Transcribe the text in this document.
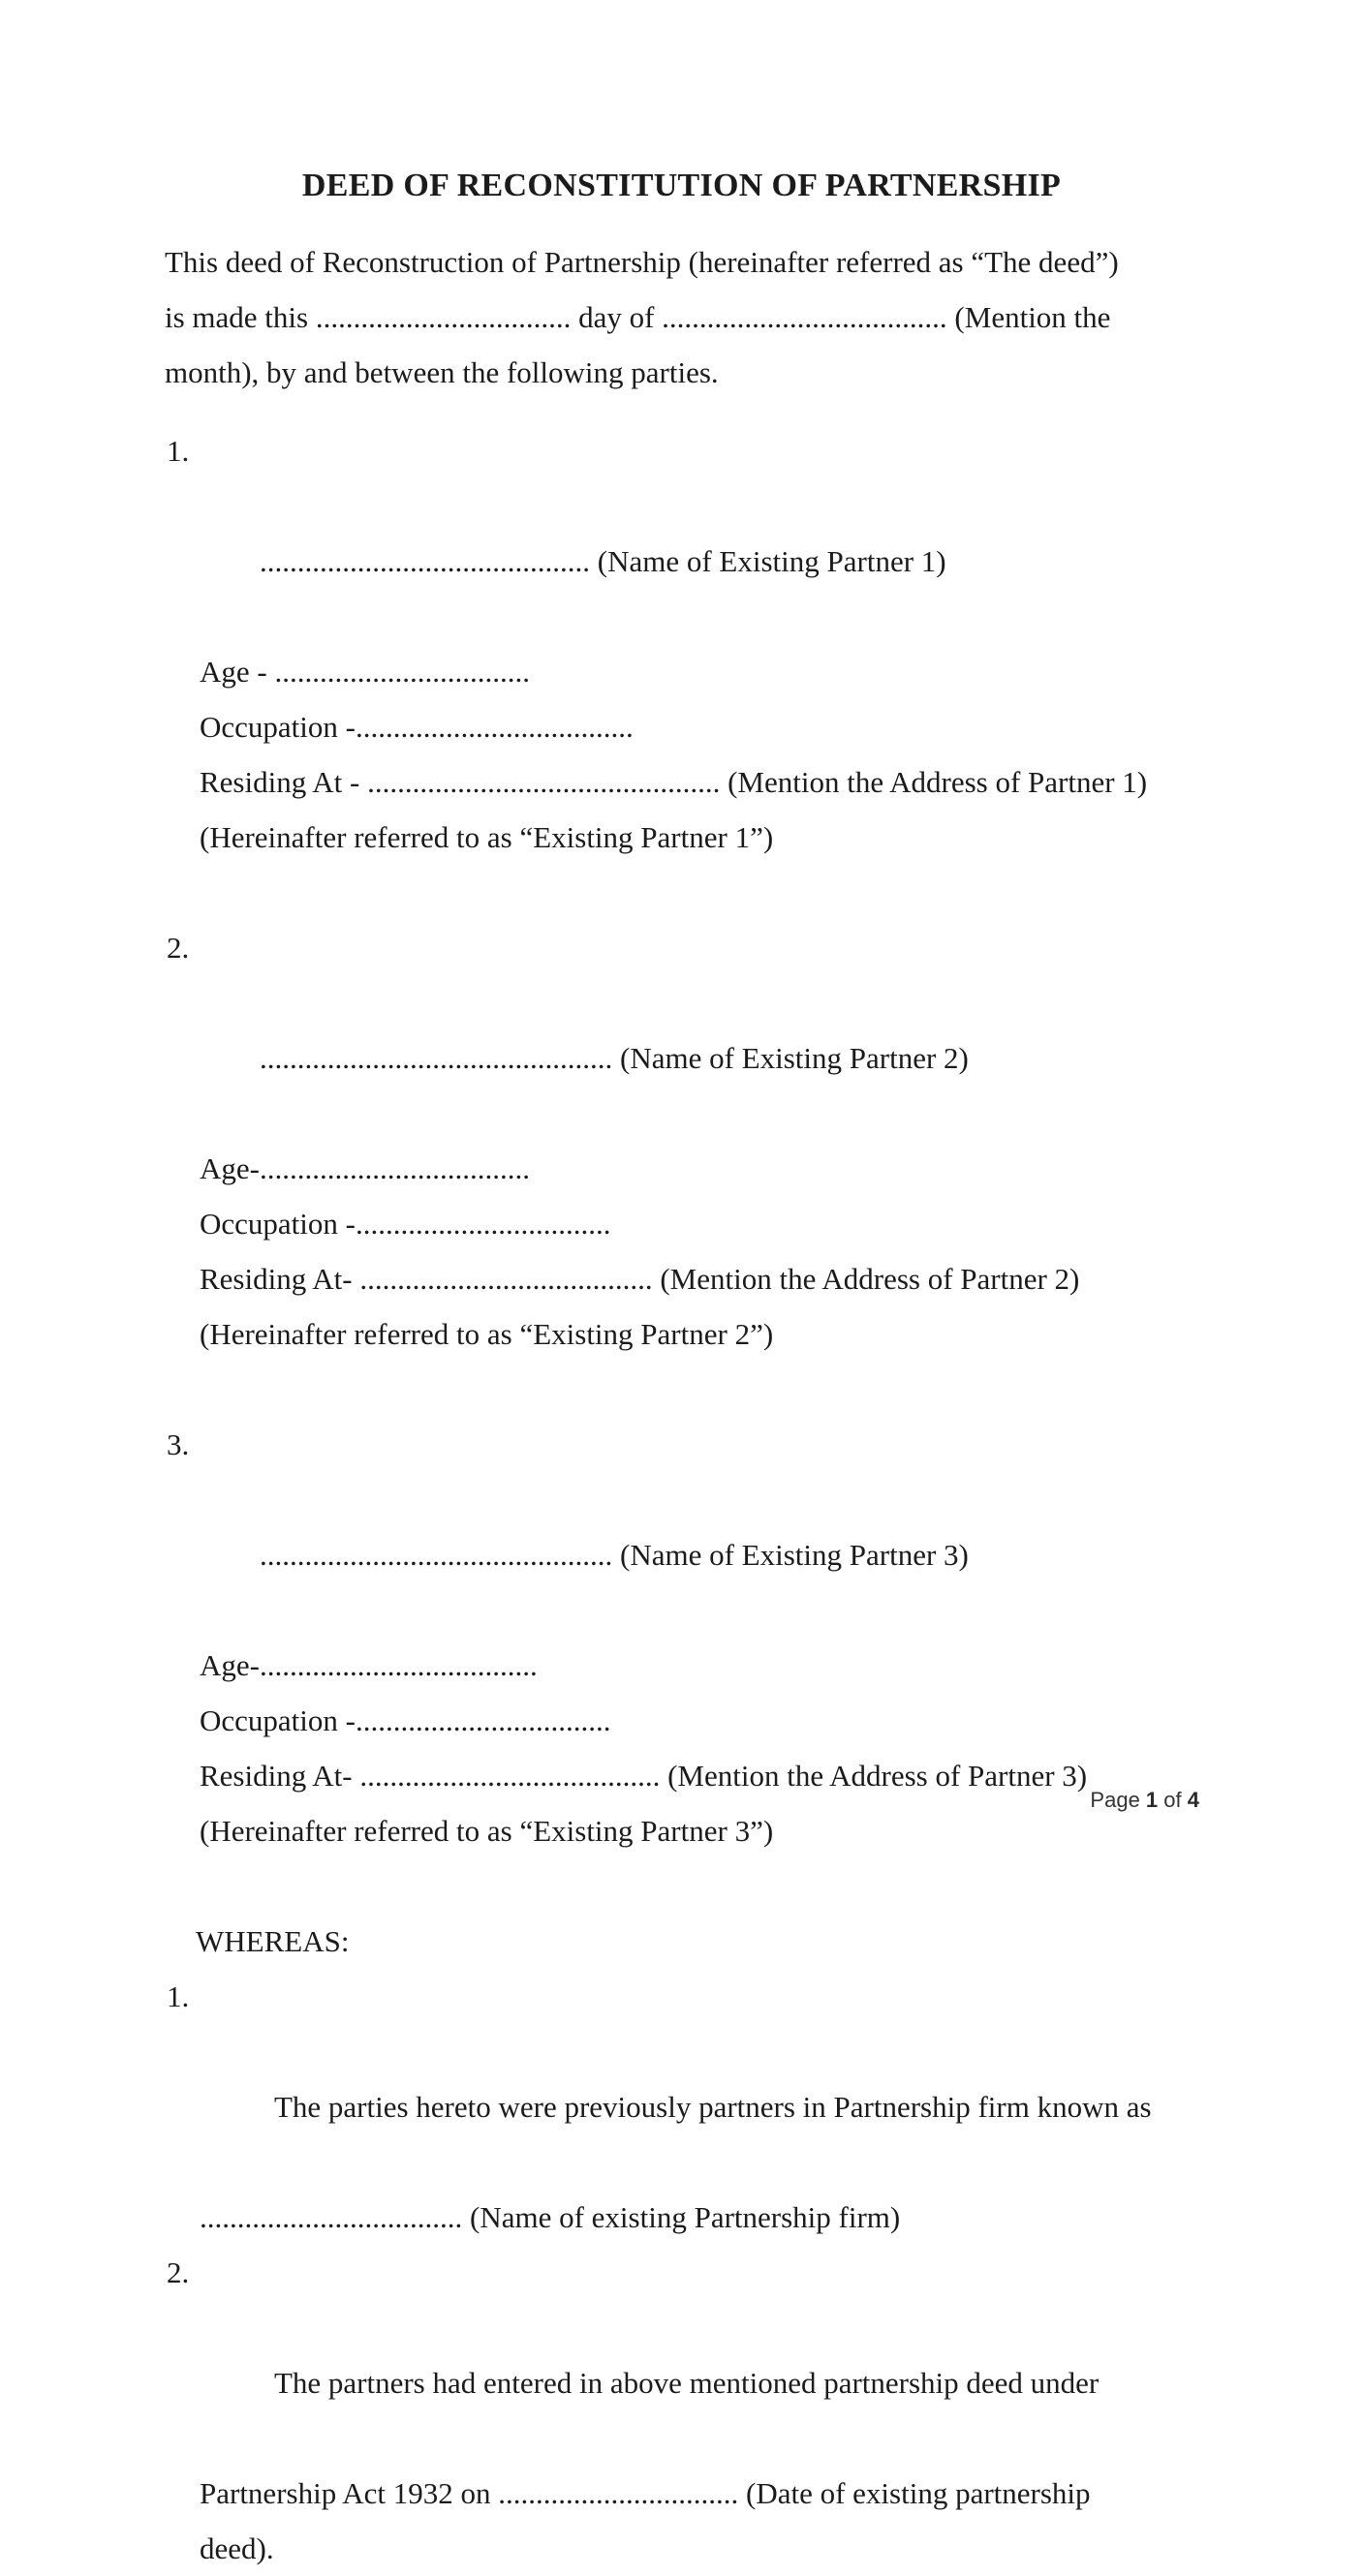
DEED OF RECONSTITUTION OF PARTNERSHIP
This deed of Reconstruction of Partnership (hereinafter referred as “The deed”)
is made this .................................. day of ...................................... (Mention the
month), by and between the following parties.

1.

............................................ (Name of Existing Partner 1)

Age - ..................................
Occupation -.....................................
Residing At - ............................................... (Mention the Address of Partner 1)
(Hereinafter referred to as “Existing Partner 1”)

2.

............................................... (Name of Existing Partner 2)

Age-....................................
Occupation -..................................
Residing At- ....................................... (Mention the Address of Partner 2)
(Hereinafter referred to as “Existing Partner 2”)

3.

............................................... (Name of Existing Partner 3)

Age-.....................................
Occupation -..................................
Residing At- ........................................ (Mention the Address of Partner 3)
(Hereinafter referred to as “Existing Partner 3”)
WHEREAS:

1.

The parties hereto were previously partners in Partnership firm known as

................................... (Name of existing Partnership firm)

2.

The partners had entered in above mentioned partnership deed under

Partnership Act 1932 on ................................ (Date of existing partnership
deed).
Page 1 of 4
